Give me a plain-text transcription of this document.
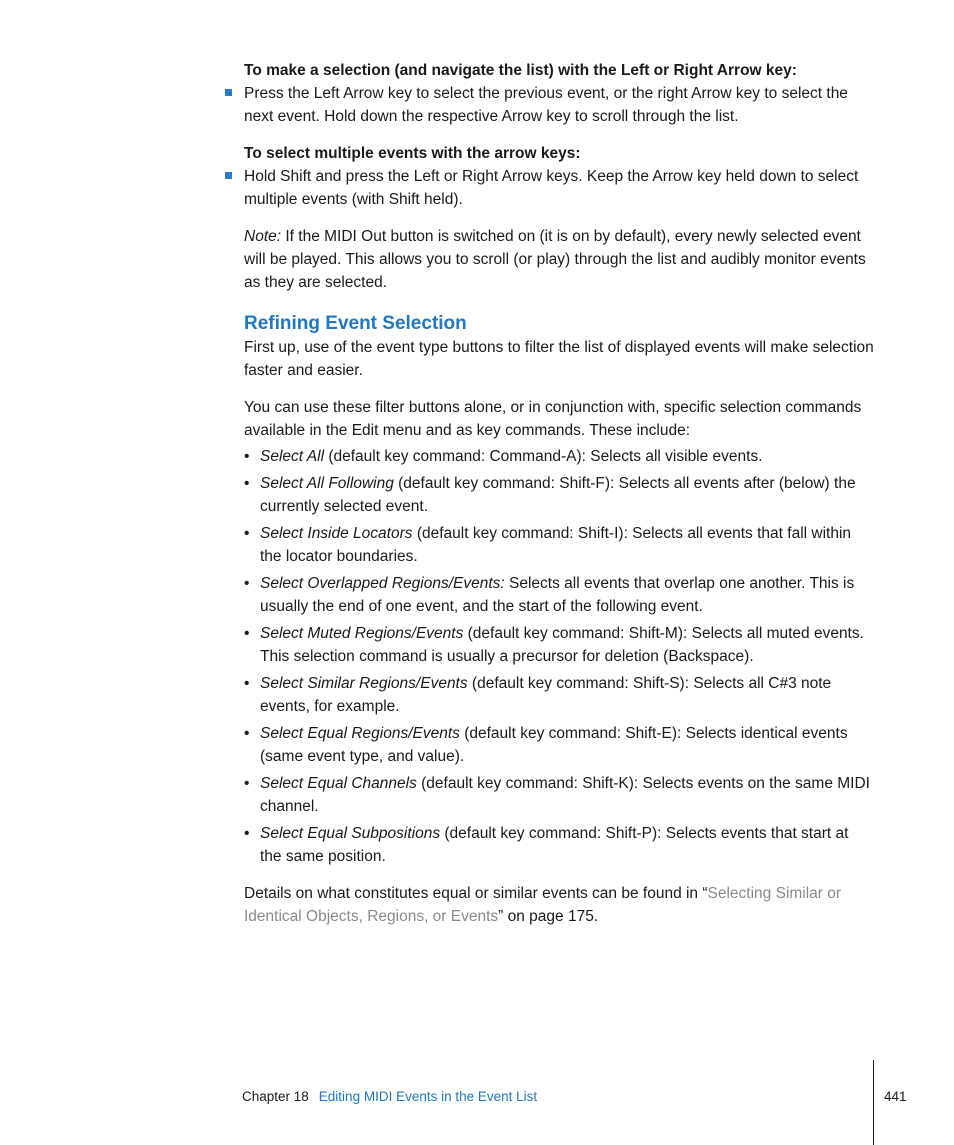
To make a selection (and navigate the list) with the Left or Right Arrow key:

Press the Left Arrow key to select the previous event, or the right Arrow key to select the next event. Hold down the respective Arrow key to scroll through the list.

To select multiple events with the arrow keys:

Hold Shift and press the Left or Right Arrow keys. Keep the Arrow key held down to select multiple events (with Shift held).

Note: If the MIDI Out button is switched on (it is on by default), every newly selected event will be played. This allows you to scroll (or play) through the list and audibly monitor events as they are selected.

Refining Event Selection

First up, use of the event type buttons to filter the list of displayed events will make selection faster and easier.

You can use these filter buttons alone, or in conjunction with, specific selection commands available in the Edit menu and as key commands. These include:

• Select All (default key command: Command-A): Selects all visible events.
• Select All Following (default key command: Shift-F): Selects all events after (below) the currently selected event.
• Select Inside Locators (default key command: Shift-I): Selects all events that fall within the locator boundaries.
• Select Overlapped Regions/Events: Selects all events that overlap one another. This is usually the end of one event, and the start of the following event.
• Select Muted Regions/Events (default key command: Shift-M): Selects all muted events. This selection command is usually a precursor for deletion (Backspace).
• Select Similar Regions/Events (default key command: Shift-S): Selects all C#3 note events, for example.
• Select Equal Regions/Events (default key command: Shift-E): Selects identical events (same event type, and value).
• Select Equal Channels (default key command: Shift-K): Selects events on the same MIDI channel.
• Select Equal Subpositions (default key command: Shift-P): Selects events that start at the same position.

Details on what constitutes equal or similar events can be found in “Selecting Similar or Identical Objects, Regions, or Events” on page 175.

Chapter 18 Editing MIDI Events in the Event List	441
